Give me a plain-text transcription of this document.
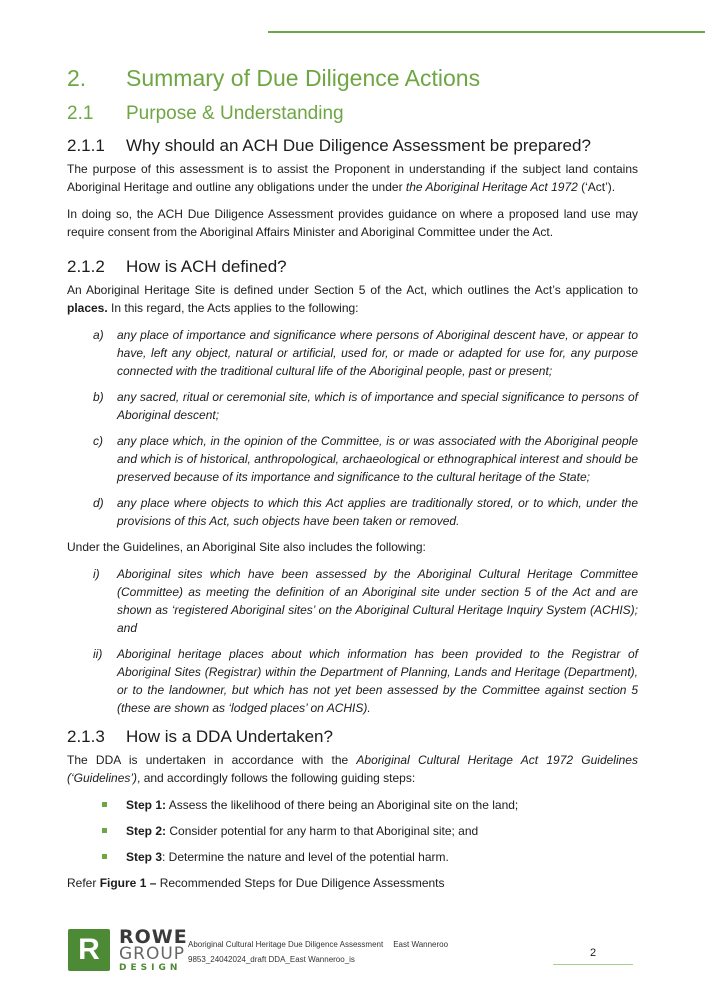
2.	Summary of Due Diligence Actions
2.1	Purpose & Understanding
2.1.1	Why should an ACH Due Diligence Assessment be prepared?

The purpose of this assessment is to assist the Proponent in understanding if the subject land contains Aboriginal Heritage and outline any obligations under the under the Aboriginal Heritage Act 1972 (‘Act’).

In doing so, the ACH Due Diligence Assessment provides guidance on where a proposed land use may require consent from the Aboriginal Affairs Minister and Aboriginal Committee under the Act.

2.1.2	How is ACH defined?

An Aboriginal Heritage Site is defined under Section 5 of the Act, which outlines the Act’s application to places. In this regard, the Acts applies to the following:

a)	any place of importance and significance where persons of Aboriginal descent have, or appear to have, left any object, natural or artificial, used for, or made or adapted for use for, any purpose connected with the traditional cultural life of the Aboriginal people, past or present;
b)	any sacred, ritual or ceremonial site, which is of importance and special significance to persons of Aboriginal descent;
c)	any place which, in the opinion of the Committee, is or was associated with the Aboriginal people and which is of historical, anthropological, archaeological or ethnographical interest and should be preserved because of its importance and significance to the cultural heritage of the State;
d)	any place where objects to which this Act applies are traditionally stored, or to which, under the provisions of this Act, such objects have been taken or removed.

Under the Guidelines, an Aboriginal Site also includes the following:

i)	Aboriginal sites which have been assessed by the Aboriginal Cultural Heritage Committee (Committee) as meeting the definition of an Aboriginal site under section 5 of the Act and are shown as ‘registered Aboriginal sites’ on the Aboriginal Cultural Heritage Inquiry System (ACHIS); and
ii)	Aboriginal heritage places about which information has been provided to the Registrar of Aboriginal Sites (Registrar) within the Department of Planning, Lands and Heritage (Department), or to the landowner, but which has not yet been assessed by the Committee against section 5 (these are shown as ‘lodged places’ on ACHIS).
2.1.3	How is a DDA Undertaken?

The DDA is undertaken in accordance with the Aboriginal Cultural Heritage Act 1972 Guidelines (‘Guidelines’), and accordingly follows the following guiding steps:

Step 1: Assess the likelihood of there being an Aboriginal site on the land;
Step 2: Consider potential for any harm to that Aboriginal site; and
Step 3: Determine the nature and level of the potential harm.

Refer Figure 1 – Recommended Steps for Due Diligence Assessments

R	ROWE
GROUP
DESIGN
Aboriginal Cultural Heritage Due Diligence Assessment East Wanneroo
9853_24042024_draft DDA_East Wanneroo_is
2
